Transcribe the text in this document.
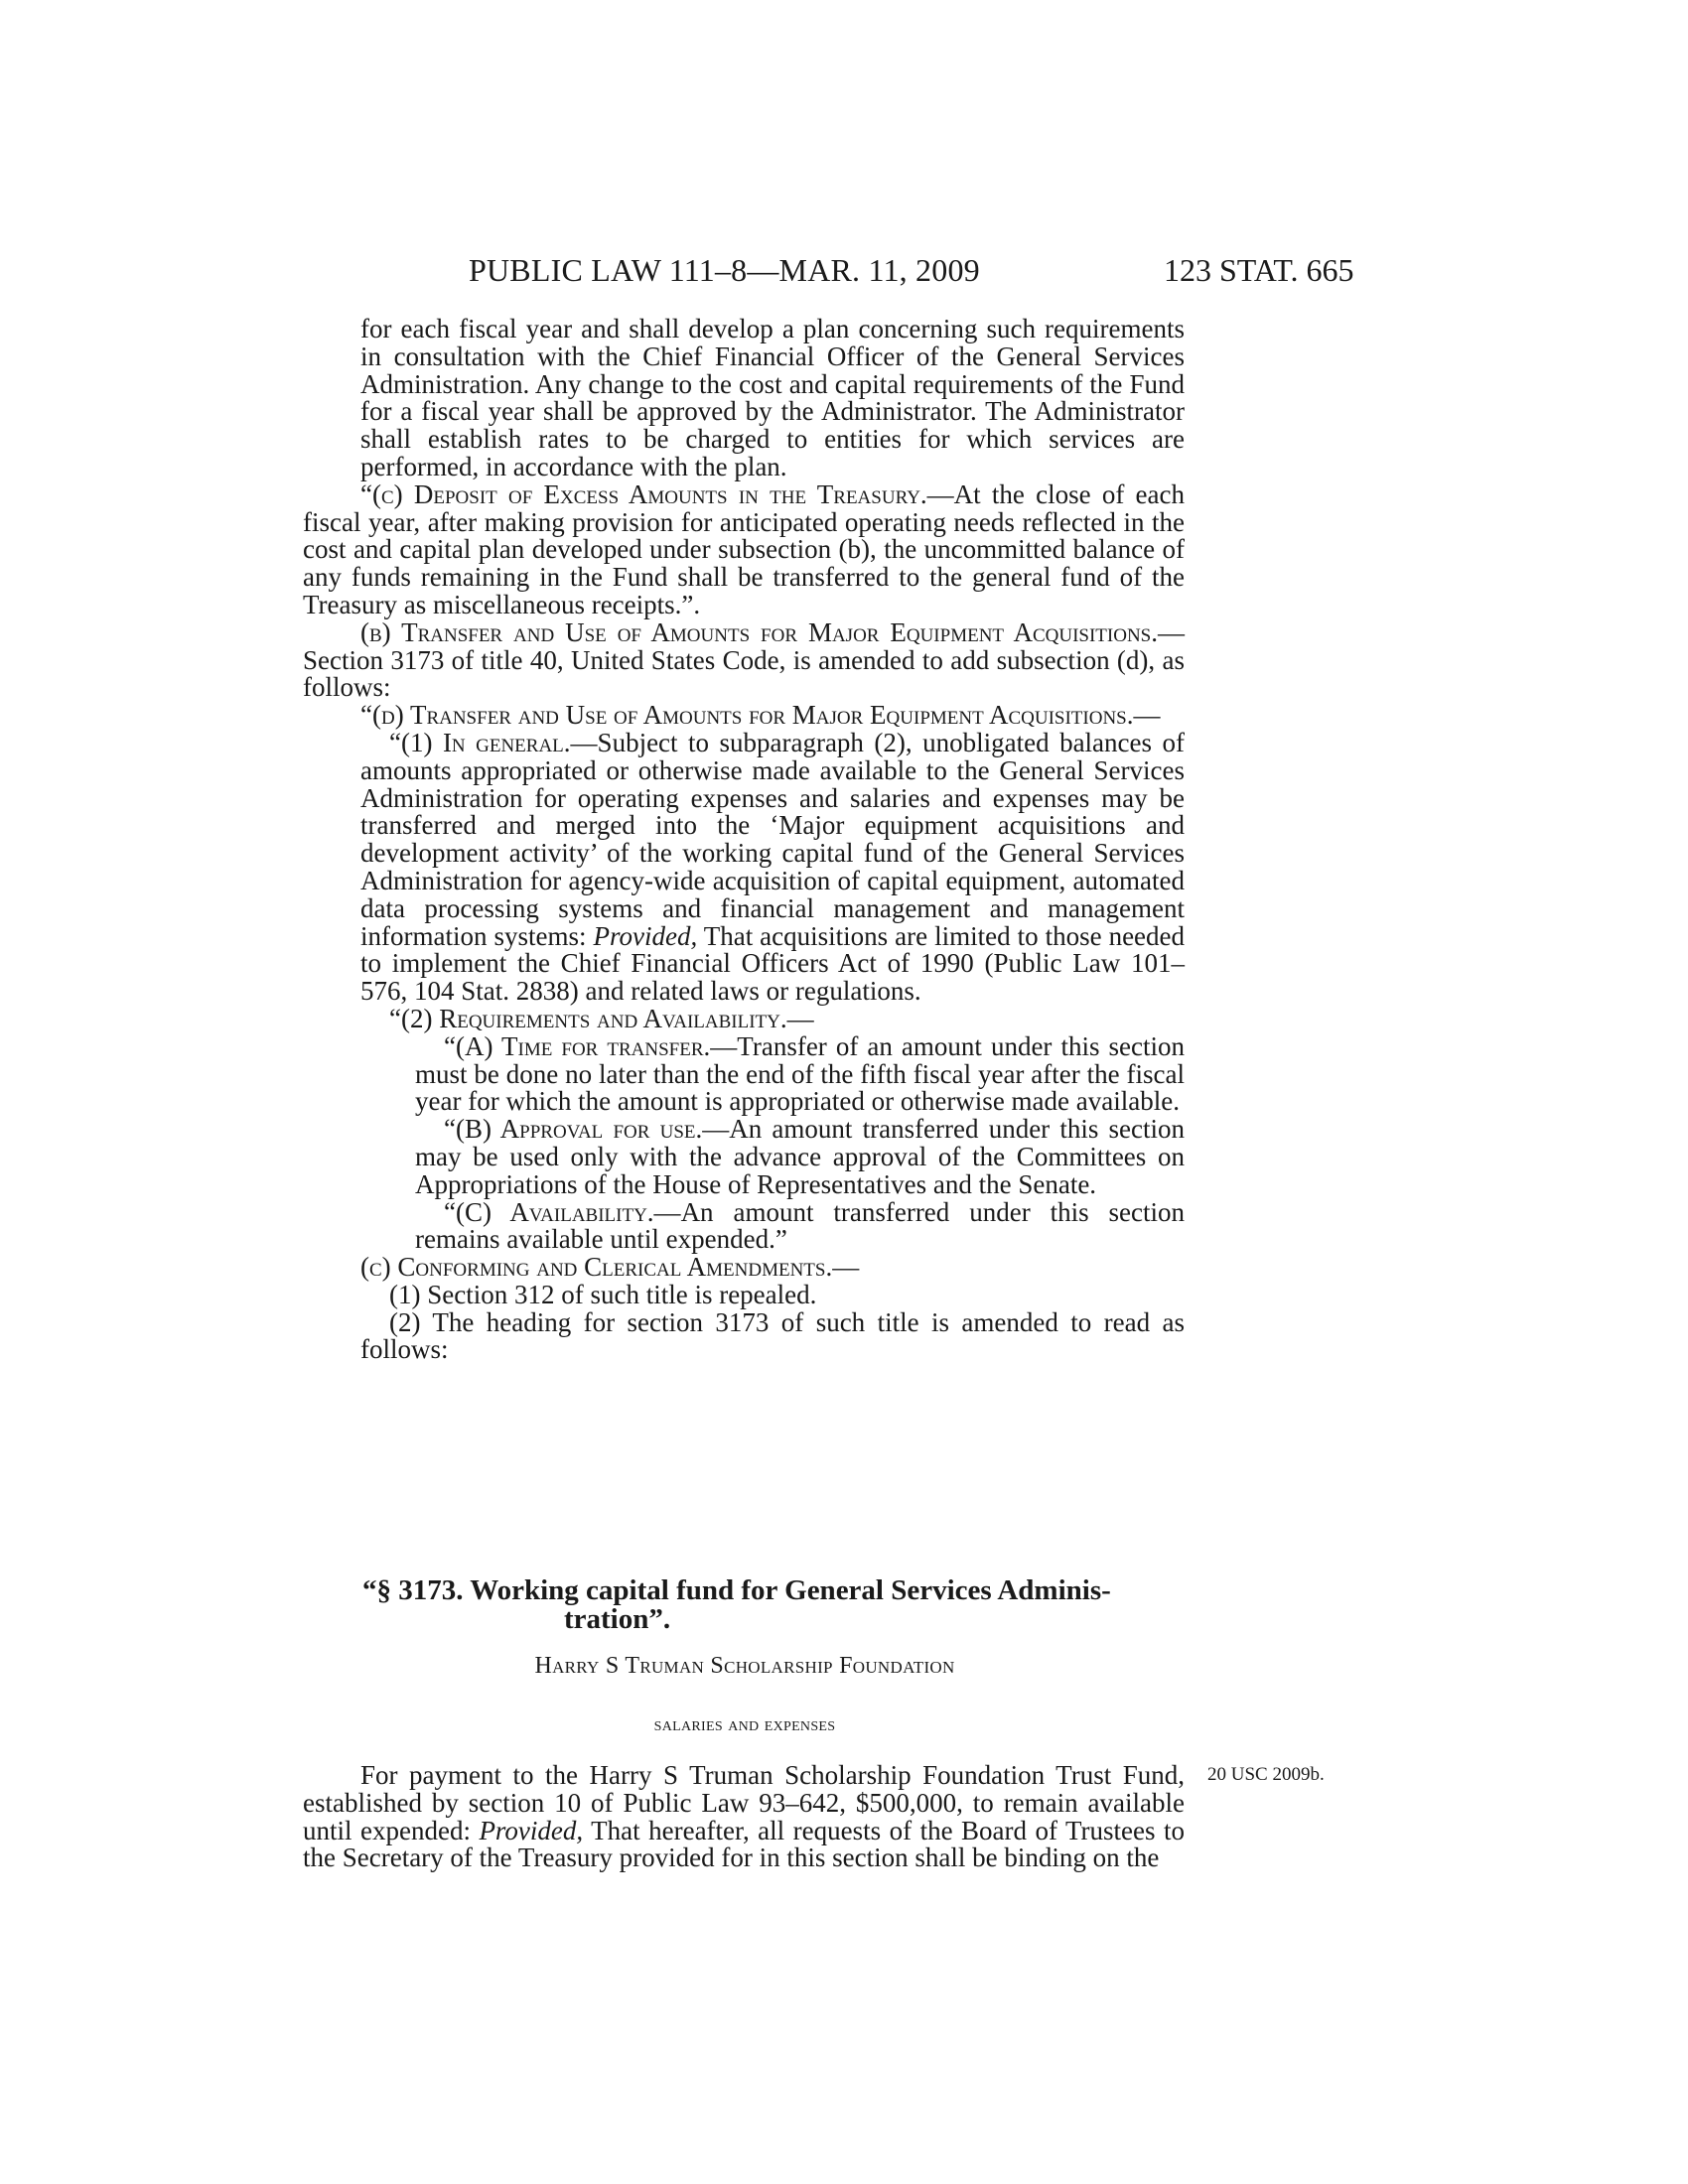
PUBLIC LAW 111–8—MAR. 11, 2009	123 STAT. 665

for each fiscal year and shall develop a plan concerning such requirements in consultation with the Chief Financial Officer of the General Services Administration. Any change to the cost and capital requirements of the Fund for a fiscal year shall be approved by the Administrator. The Administrator shall establish rates to be charged to entities for which services are performed, in accordance with the plan.

“(c) Deposit of Excess Amounts in the Treasury.—At the close of each fiscal year, after making provision for anticipated operating needs reflected in the cost and capital plan developed under subsection (b), the uncommitted balance of any funds remaining in the Fund shall be transferred to the general fund of the Treasury as miscellaneous receipts.”.

(b) Transfer and Use of Amounts for Major Equipment Acquisitions.—Section 3173 of title 40, United States Code, is amended to add subsection (d), as follows:

“(d) Transfer and Use of Amounts for Major Equipment Acquisitions.—

“(1) In general.—Subject to subparagraph (2), unobligated balances of amounts appropriated or otherwise made available to the General Services Administration for operating expenses and salaries and expenses may be transferred and merged into the ‘Major equipment acquisitions and development activity’ of the working capital fund of the General Services Administration for agency-wide acquisition of capital equipment, automated data processing systems and financial management and management information systems: Provided, That acquisitions are limited to those needed to implement the Chief Financial Officers Act of 1990 (Public Law 101–576, 104 Stat. 2838) and related laws or regulations.

“(2) Requirements and Availability.—

“(A) Time for transfer.—Transfer of an amount under this section must be done no later than the end of the fifth fiscal year after the fiscal year for which the amount is appropriated or otherwise made available.

“(B) Approval for use.—An amount transferred under this section may be used only with the advance approval of the Committees on Appropriations of the House of Representatives and the Senate.

“(C) Availability.—An amount transferred under this section remains available until expended.”

(c) Conforming and Clerical Amendments.—

(1) Section 312 of such title is repealed.

(2) The heading for section 3173 of such title is amended to read as follows:

“§ 3173. Working capital fund for General Services Adminis-
tration”.
Harry S Truman Scholarship Foundation
salaries and expenses

For payment to the Harry S Truman Scholarship Foundation Trust Fund, established by section 10 of Public Law 93–642, $500,000, to remain available until expended: Provided, That hereafter, all requests of the Board of Trustees to the Secretary of the Treasury provided for in this section shall be binding on the

20 USC 2009b.
